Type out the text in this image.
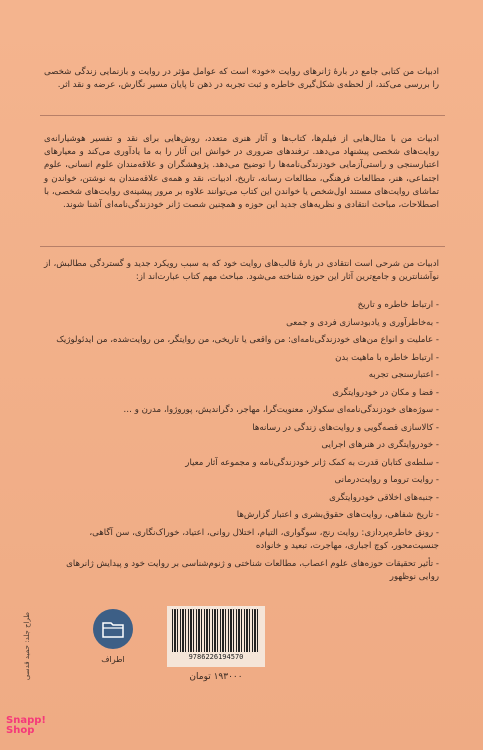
ادبیات من کتابی جامع در بارهٔ ژانرهای روایت «خود» است که عوامل مؤثر در روایت و بازنمایی زندگی شخصی را بررسی می‌کند، از لحظه‌ی شکل‌گیری خاطره و ثبت تجربه در ذهن تا پایان مسیر نگارش، عرضه و نقد اثر.
ادبیات من با مثال‌هایی از فیلم‌ها، کتاب‌ها و آثار هنری متعدد، روش‌هایی برای نقد و تفسیر هوشیارانه‌ی روایت‌های شخصی پیشنهاد می‌دهد. ترفندهای ضروری در خوانش این آثار را به ما یادآوری می‌کند و معیارهای اعتبارسنجی و راستی‌آزمایی خودزندگی‌نامه‌ها را توضیح می‌دهد. پژوهشگران و علاقه‌مندان علوم انسانی، علوم اجتماعی، هنر، مطالعات فرهنگی، مطالعات رسانه، تاریخ، ادبیات، نقد و همه‌ی علاقه‌مندان به نوشتن، خواندن و تماشای روایت‌های مستند اول‌شخص یا خواندن این کتاب می‌توانند علاوه بر مرور پیشینه‌ی روایت‌های شخصی، با اصطلاحات، مباحث انتقادی و نظریه‌های جدید این حوزه و همچنین شصت ژانر خودزندگی‌نامه‌ای آشنا شوند.
ادبیات من شرحی است انتقادی در بارهٔ قالب‌های روایت خود که به سبب رویکرد جدید و گستردگی مطالبش، از نوآشنانترین و جامع‌ترین آثار این حوزه شناخته می‌شود. مباحث مهم کتاب عبارت‌اند از:
- ارتباط خاطره و تاریخ
- به‌خاطرآوری و یادبودسازی فردی و جمعی
- عاملیت و انواع من‌های خودزندگی‌نامه‌ای: من واقعی یا تاریخی، من روایتگر، من روایت‌شده، من ایدئولوژیک
- ارتباط خاطره با ماهیت بدن
- اعتبارسنجی تجربه
- فضا و مکان در خودروایتگری
- سوژه‌های خودزندگی‌نامه‌ای سکولار، معنویت‌گرا، مهاجر، دگراندیش، پوروژوا، مدرن و …
- کالاسازی قصه‌گویی و روایت‌های زندگی در رسانه‌ها
- خودروایتگری در هنرهای اجرایی
- سلطه‌ی کتابان قدرت به کمک ژانر خودزندگی‌نامه و مجموعه آثار معیار
- روایت تروما و روایت‌درمانی
- جنبه‌های اخلاقی خودروایتگری
- تاریخ شفاهی، روایت‌های حقوق‌بشری و اعتبار گزارش‌ها
- رونق خاطره‌پردازی: روایت رنج، سوگواری، التیام، اختلال روانی، اعتیاد، خوراک‌نگاری، سن آگاهی، جنسیت‌محور، کوچ اجباری، مهاجرت، تبعید و خانواده
- تأثیر تحقیقات حوزه‌های علوم اعصاب، مطالعات شناختی و ژنوم‌شناسی بر روایت خود و پیدایش ژانرهای روایی نوظهور
طراح جلد: حمید قدسی	اطراف	9786226194570
۱۹۳۰۰۰ تومان
Snapp!
Shop
